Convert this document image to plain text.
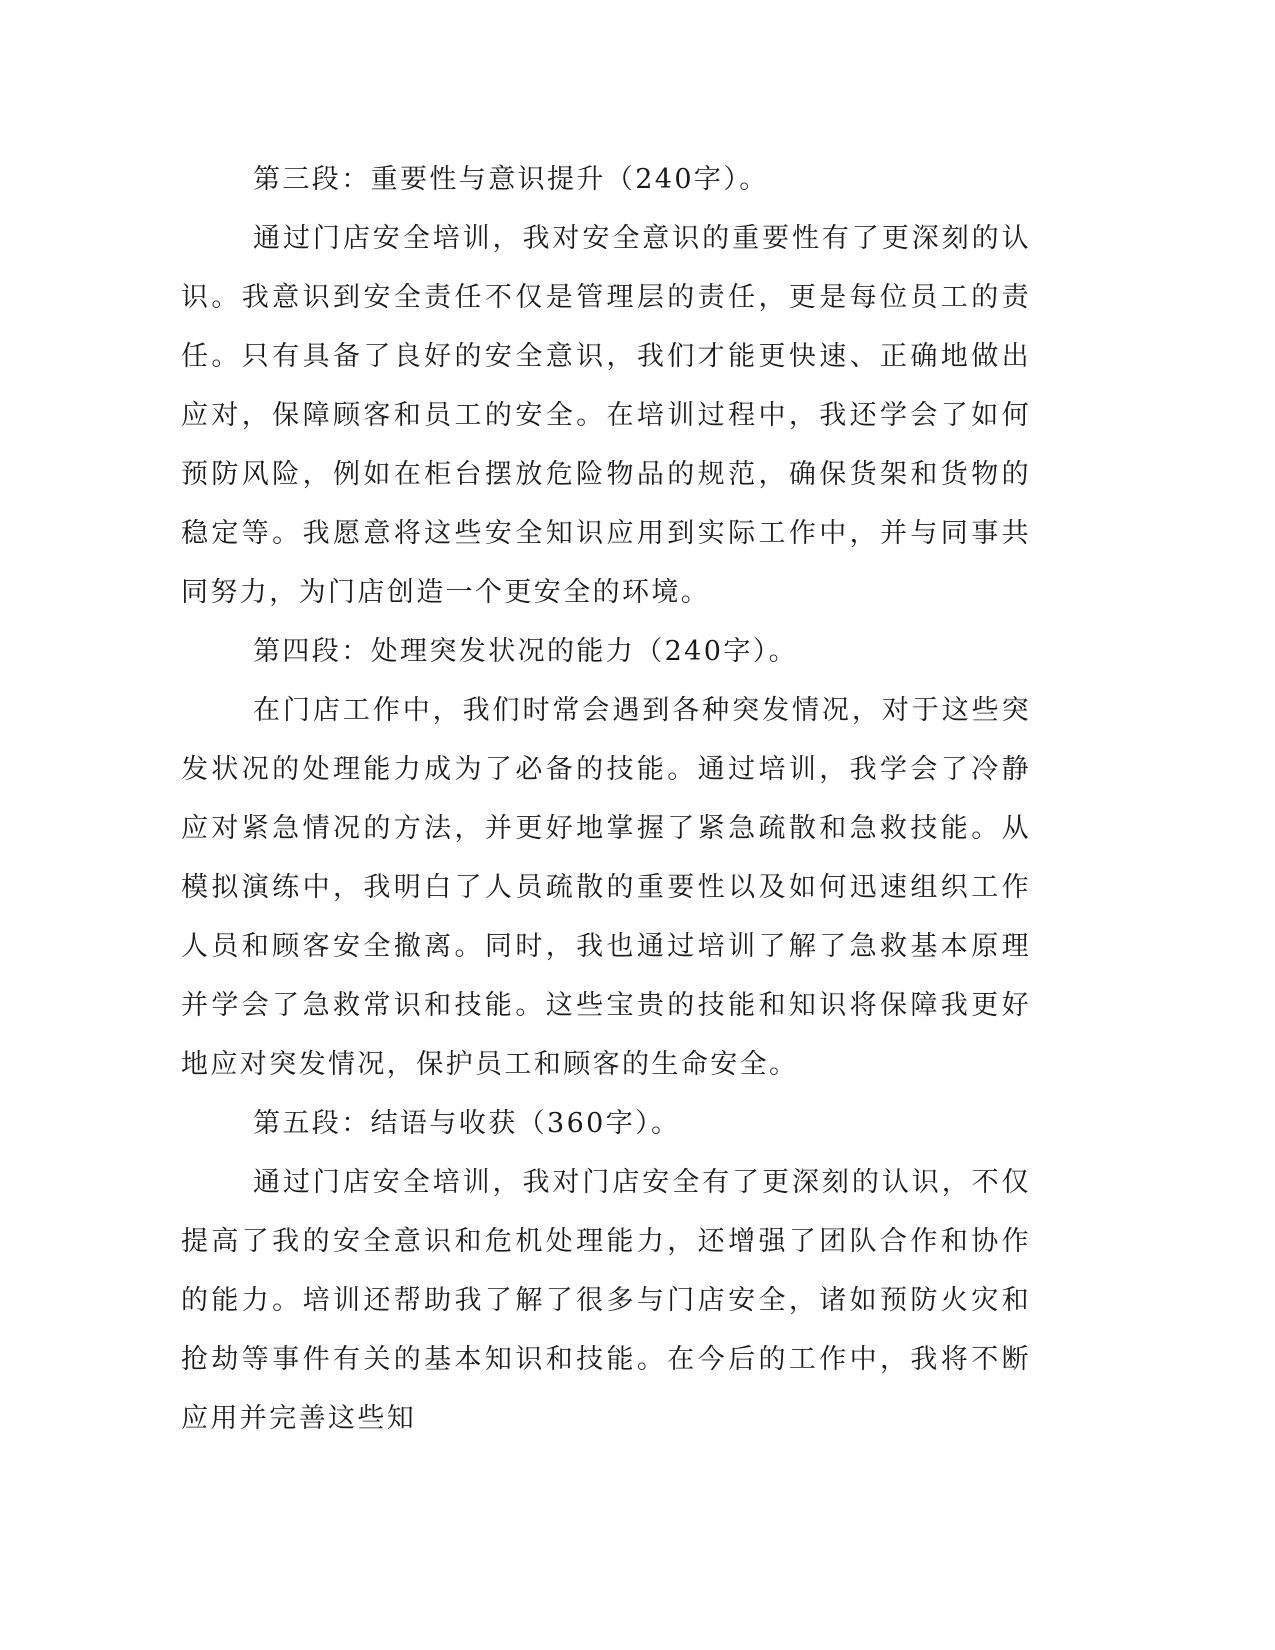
第三段：重要性与意识提升（240字）。

通过门店安全培训，我对安全意识的重要性有了更深刻的认识。我意识到安全责任不仅是管理层的责任，更是每位员工的责任。只有具备了良好的安全意识，我们才能更快速、正确地做出应对，保障顾客和员工的安全。在培训过程中，我还学会了如何预防风险，例如在柜台摆放危险物品的规范，确保货架和货物的稳定等。我愿意将这些安全知识应用到实际工作中，并与同事共同努力，为门店创造一个更安全的环境。

第四段：处理突发状况的能力（240字）。

在门店工作中，我们时常会遇到各种突发情况，对于这些突发状况的处理能力成为了必备的技能。通过培训，我学会了冷静应对紧急情况的方法，并更好地掌握了紧急疏散和急救技能。从模拟演练中，我明白了人员疏散的重要性以及如何迅速组织工作人员和顾客安全撤离。同时，我也通过培训了解了急救基本原理并学会了急救常识和技能。这些宝贵的技能和知识将保障我更好地应对突发情况，保护员工和顾客的生命安全。

第五段：结语与收获（360字）。

通过门店安全培训，我对门店安全有了更深刻的认识，不仅提高了我的安全意识和危机处理能力，还增强了团队合作和协作的能力。培训还帮助我了解了很多与门店安全，诸如预防火灾和抢劫等事件有关的基本知识和技能。在今后的工作中，我将不断应用并完善这些知
